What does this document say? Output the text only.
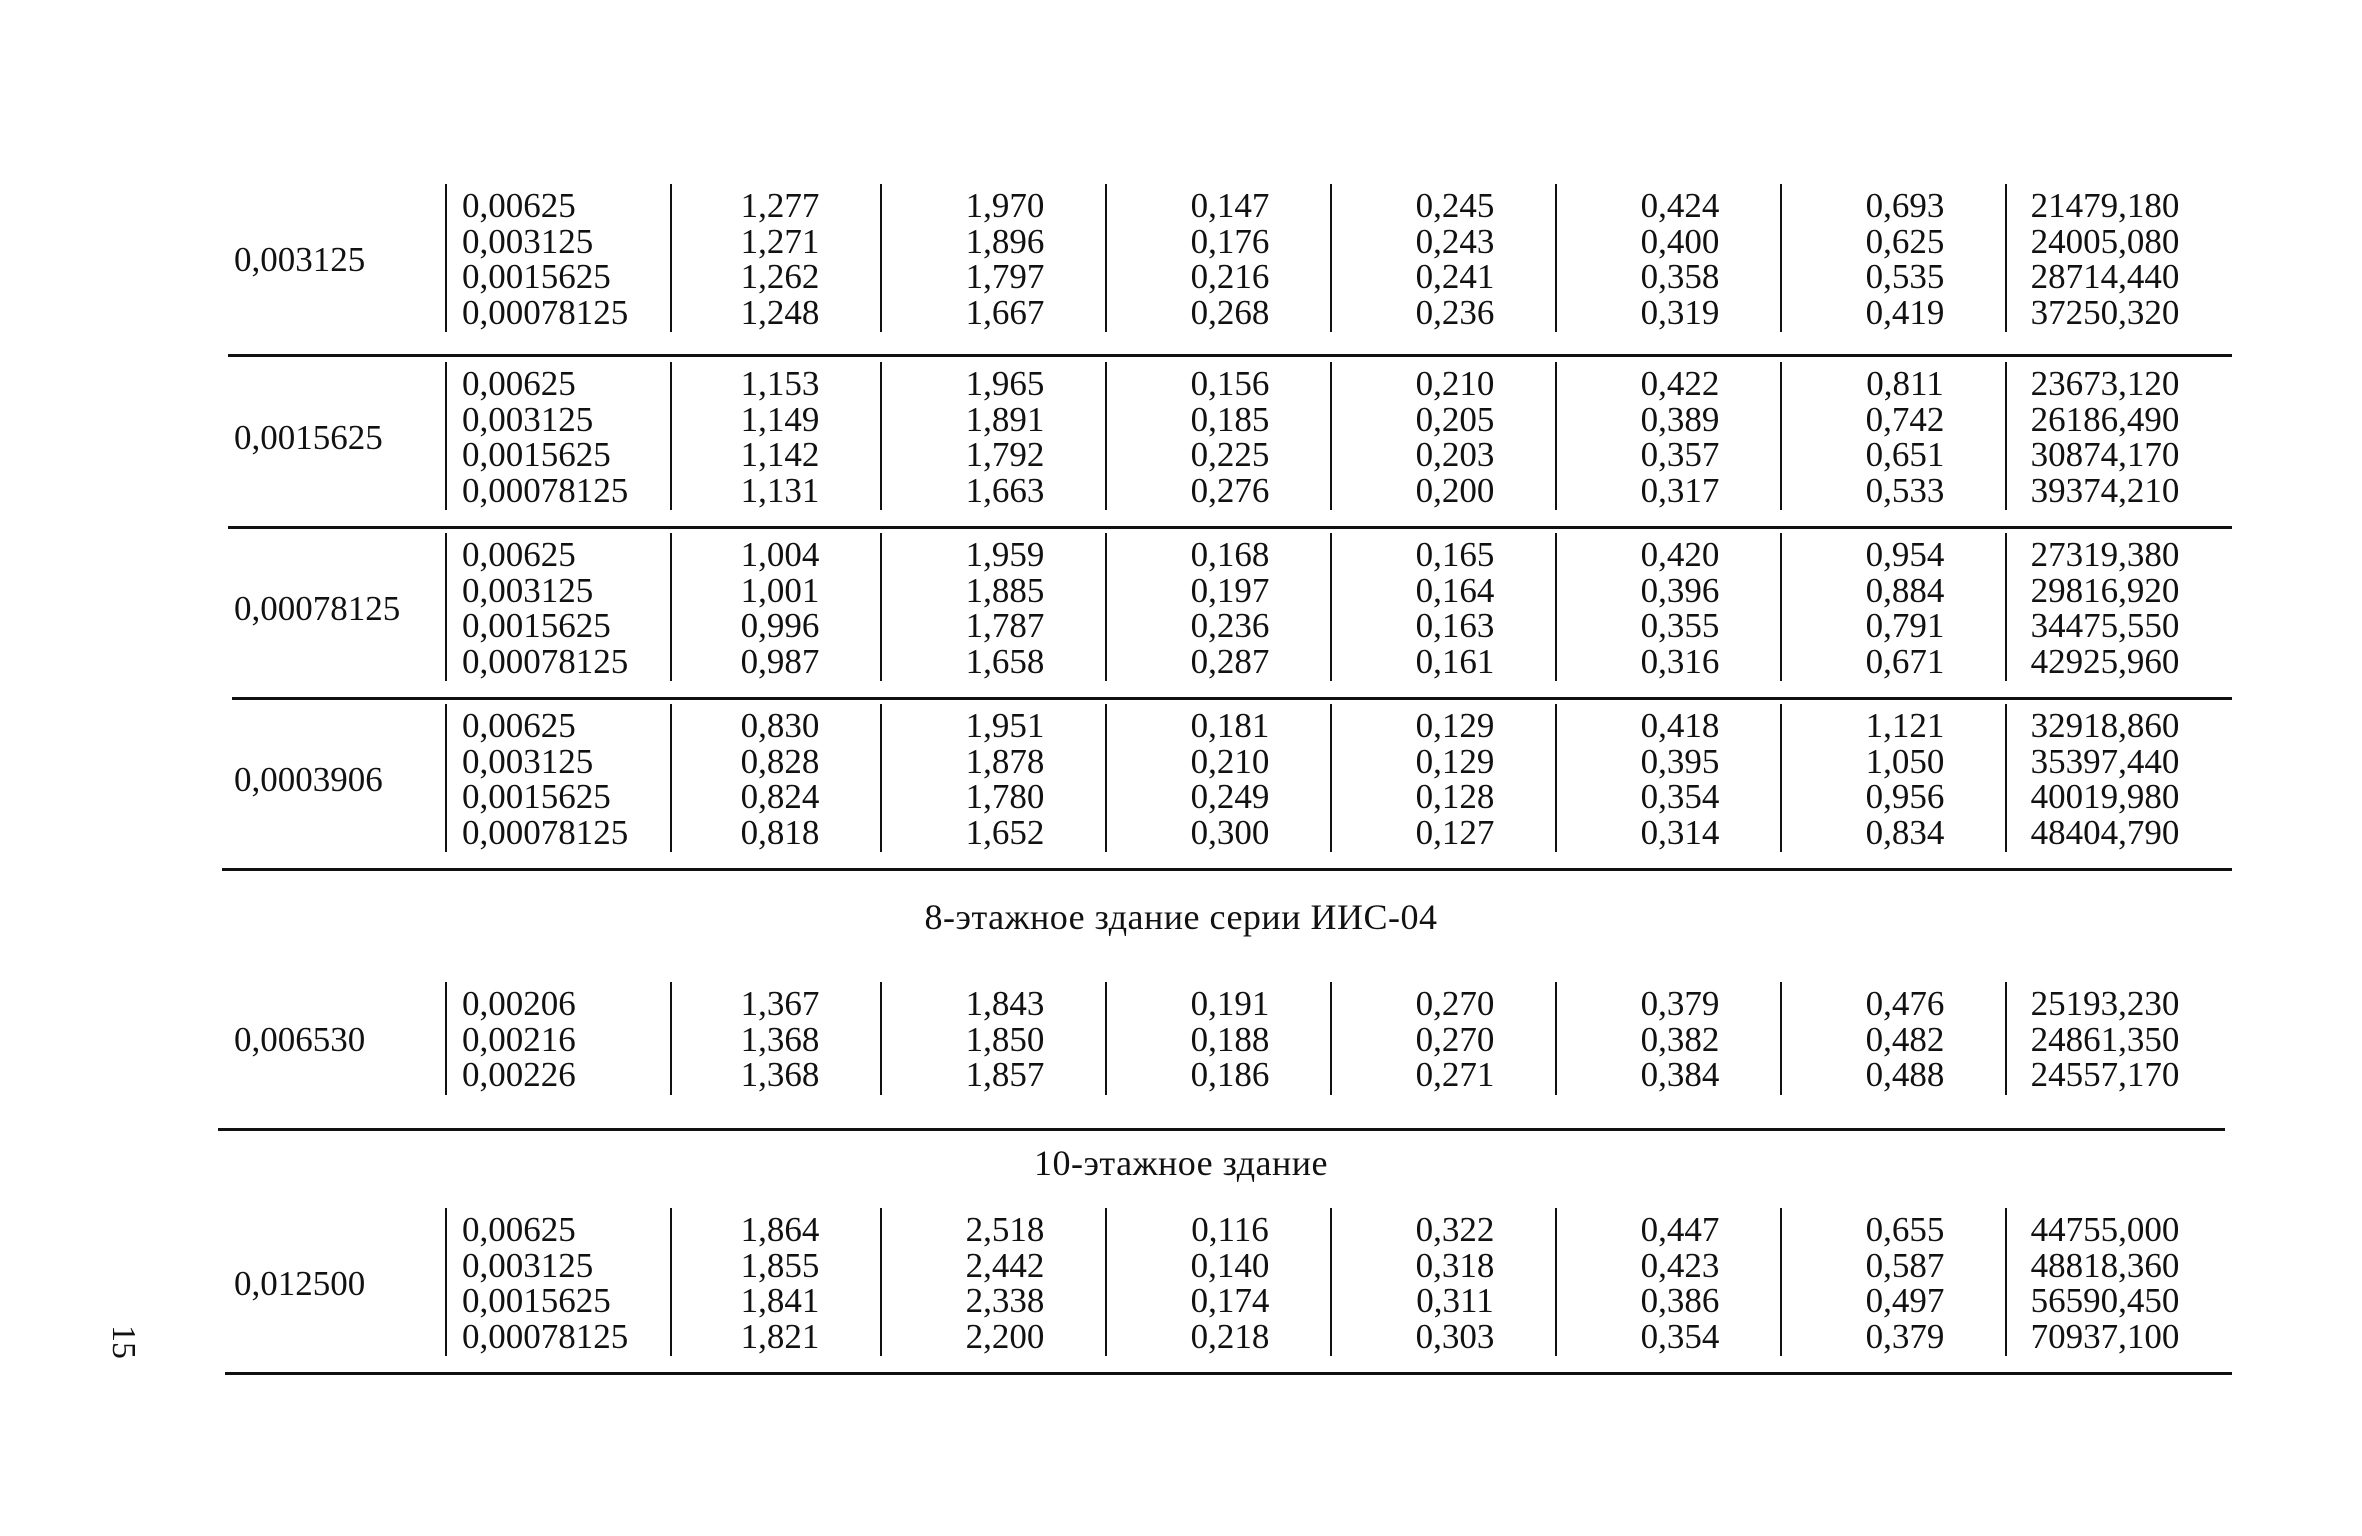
15
0,003125
0,00625
0,003125
0,0015625
0,00078125
1,277
1,271
1,262
1,248
1,970
1,896
1,797
1,667
0,147
0,176
0,216
0,268
0,245
0,243
0,241
0,236
0,424
0,400
0,358
0,319
0,693
0,625
0,535
0,419
21479,180
24005,080
28714,440
37250,320
0,0015625
0,00625
0,003125
0,0015625
0,00078125
1,153
1,149
1,142
1,131
1,965
1,891
1,792
1,663
0,156
0,185
0,225
0,276
0,210
0,205
0,203
0,200
0,422
0,389
0,357
0,317
0,811
0,742
0,651
0,533
23673,120
26186,490
30874,170
39374,210
0,00078125
0,00625
0,003125
0,0015625
0,00078125
1,004
1,001
0,996
0,987
1,959
1,885
1,787
1,658
0,168
0,197
0,236
0,287
0,165
0,164
0,163
0,161
0,420
0,396
0,355
0,316
0,954
0,884
0,791
0,671
27319,380
29816,920
34475,550
42925,960
0,0003906
0,00625
0,003125
0,0015625
0,00078125
0,830
0,828
0,824
0,818
1,951
1,878
1,780
1,652
0,181
0,210
0,249
0,300
0,129
0,129
0,128
0,127
0,418
0,395
0,354
0,314
1,121
1,050
0,956
0,834
32918,860
35397,440
40019,980
48404,790
8-этажное здание серии ИИС-04
0,006530
0,00206
0,00216
0,00226
1,367
1,368
1,368
1,843
1,850
1,857
0,191
0,188
0,186
0,270
0,270
0,271
0,379
0,382
0,384
0,476
0,482
0,488
25193,230
24861,350
24557,170
10-этажное здание
0,012500
0,00625
0,003125
0,0015625
0,00078125
1,864
1,855
1,841
1,821
2,518
2,442
2,338
2,200
0,116
0,140
0,174
0,218
0,322
0,318
0,311
0,303
0,447
0,423
0,386
0,354
0,655
0,587
0,497
0,379
44755,000
48818,360
56590,450
70937,100
